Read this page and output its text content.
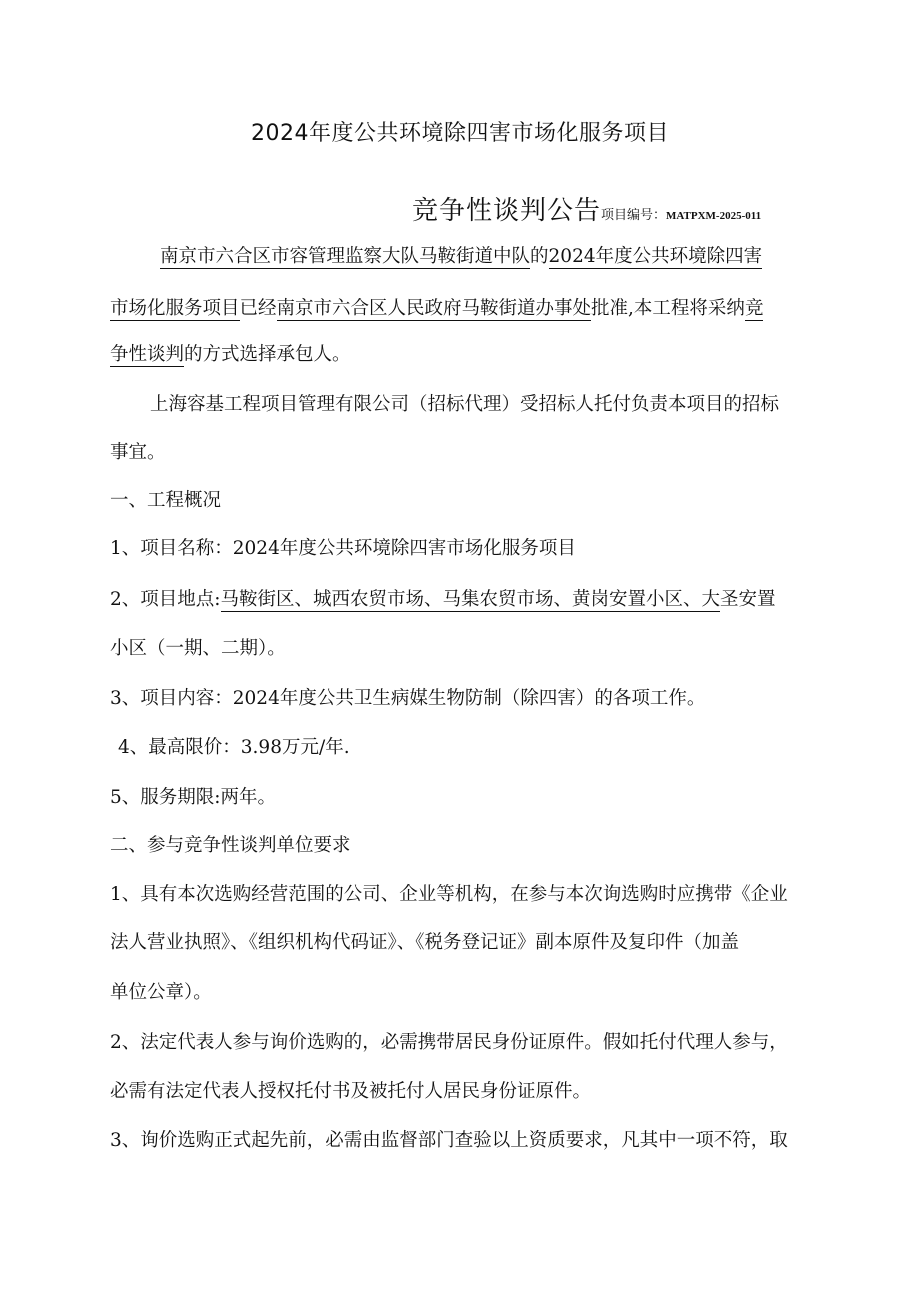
2024年度公共环境除四害市场化服务项目
竞争性谈判公告项目编号：MATPXM-2025-011
南京市六合区市容管理监察大队马鞍街道中队的2024年度公共环境除四害
市场化服务项目已经南京市六合区人民政府马鞍街道办事处批准,本工程将采纳竞
争性谈判的方式选择承包人。
上海容基工程项目管理有限公司（招标代理）受招标人托付负责本项目的招标
事宜。
一、工程概况
1、项目名称：2024年度公共环境除四害市场化服务项目
2、项目地点:马鞍街区、城西农贸市场、马集农贸市场、黄岗安置小区、大圣安置
小区（一期、二期）。
3、项目内容：2024年度公共卫生病媒生物防制（除四害）的各项工作。
4、最高限价：3.98万元/年.
5、服务期限:两年。
二、参与竞争性谈判单位要求
1、具有本次选购经营范围的公司、企业等机构，在参与本次询选购时应携带《企业
法人营业执照》、《组织机构代码证》、《税务登记证》副本原件及复印件（加盖
单位公章）。
2、法定代表人参与询价选购的，必需携带居民身份证原件。假如托付代理人参与，
必需有法定代表人授权托付书及被托付人居民身份证原件。
3、询价选购正式起先前，必需由监督部门查验以上资质要求，凡其中一项不符，取
